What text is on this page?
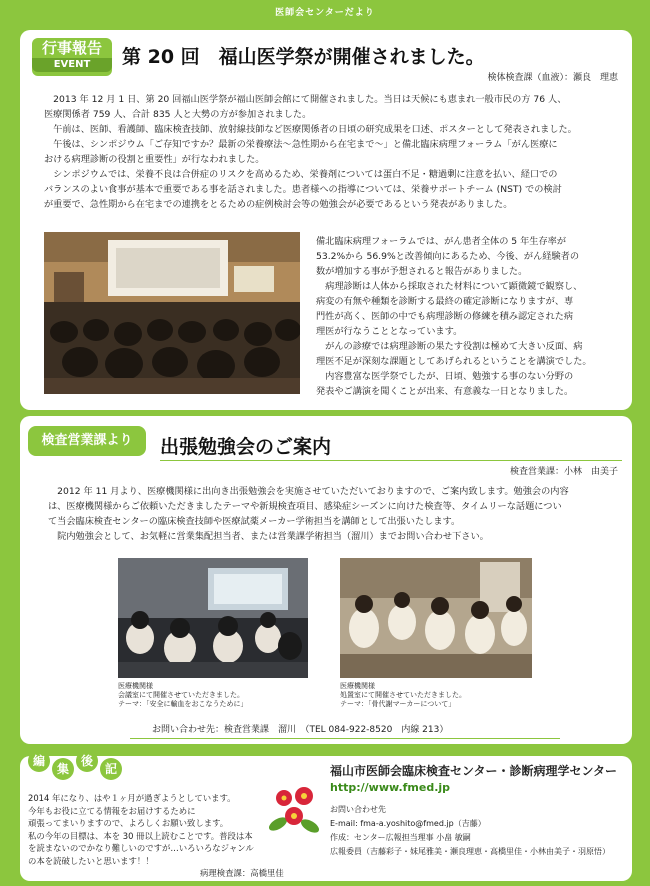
医師会センターだより
行事報告
EVENT	第 20 回　福山医学祭が開催されました。
検体検査課（血液）：瀬良　理恵
　2013 年 12 月 1 日、第 20 回福山医学祭が福山医師会館にて開催されました。当日は天候にも恵まれ一般市民の方 76 人、
医療関係者 759 人、合計 835 人と大勢の方が参加されました。
　午前は、医師、看護師、臨床検査技師、放射線技師など医療関係者の日頃の研究成果を口述、ポスターとして発表されました。
　午後は、シンポジウム「ご存知ですか？最新の栄養療法～急性期から在宅まで～」と備北臨床病理フォーラム「がん医療に
おける病理診断の役割と重要性」が行なわれました。
　シンポジウムでは、栄養不良は合併症のリスクを高めるため、栄養剤については蛋白不足・糖過剰に注意を払い、経口での
バランスのよい食事が基本で重要である事を話されました。患者様への指導については、栄養サポートチーム (NST) での検討
が重要で、急性期から在宅までの連携をとるための症例検討会等の勉強会が必要であるという発表がありました。
備北臨床病理フォーラムでは、がん患者全体の 5 年生存率が
53.2%から 56.9%と改善傾向にあるため、今後、がん経験者の
数が増加する事が予想されると報告がありました。
　病理診断は人体から採取された材料について顕微鏡で観察し、
病変の有無や種類を診断する最終の確定診断になりますが、専
門性が高く、医師の中でも病理診断の修練を積み認定された病
理医が行なうこととなっています。
　がんの診療では病理診断の果たす役割は極めて大きい反面、病
理医不足が深刻な課題としてあげられるということを講演でした。
　内容豊富な医学祭でしたが、日頃、勉強する事のない分野の
発表やご講演を聞くことが出来、有意義な一日となりました。
検査営業課より	出張勉強会のご案内
検査営業課：小林　由美子
　2012 年 11 月より、医療機関様に出向き出張勉強会を実施させていただいておりますので、ご案内致します。勉強会の内容
は、医療機関様からご依頼いただきましたテーマや新規検査項目、感染症シーズンに向けた検査等、タイムリーな話題につい
て当会臨床検査センターの臨床検査技師や医療試薬メーカー学術担当を講師として出張いたします。
　院内勉強会として、お気軽に営業集配担当者、または営業課学術担当（溜川）までお問い合わせ下さい。
医療機関様
会議室にて開催させていただきました。
テーマ：「安全に輸血をおこなうために」
医療機関様
処置室にて開催させていただきました。
テーマ：「骨代謝マーカーについて」
お問い合わせ先：検査営業課　溜川　（TEL 084-922-8520　内線 213）
編
集
後
記
2014 年になり、はや１ヶ月が過ぎようとしています。
今年もお役に立てる情報をお届けするために
頑張ってまいりますので、よろしくお願い致します。
私の今年の目標は、本を 30 冊以上読むことです。普段は本
を読まないのでかなり難しいのですが…いろいろなジャンル
の本を読破したいと思います！！
病理検査課：高橋里佳
福山市医師会臨床検査センター・診断病理学センター
http://www.fmed.jp
お問い合わせ先
E-mail: fma-a.yoshito@fmed.jp（吉藤）
作成：センター広報担当理事 小畠 敏嗣
広報委員（吉藤彩子・妹尾雅美・瀬良理恵・高橋里佳・小林由美子・羽原悟）
